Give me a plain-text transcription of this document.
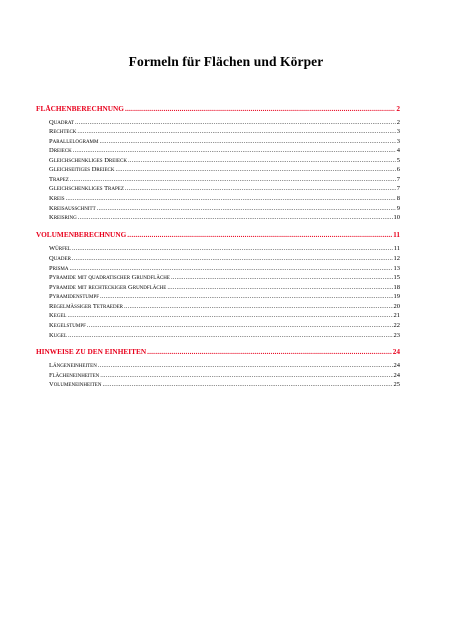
Formeln für Flächen und Körper
FLÄCHENBERECHNUNG .....	2
Quadrat .....	2
Rechteck .....	3
Parallelogramm .....	3
Dreieck .....	4
Gleichschenkliges Dreieck .....	5
Gleichseitiges Dreieck .....	6
Trapez .....	7
Gleichschenkliges Trapez .....	7
Kreis .....	8
Kreisausschnitt .....	9
Kreisring .....	10
VOLUMENBERECHNUNG .....	11
Würfel .....	11
Quader .....	12
Prisma .....	13
Pyramide mit quadratischer Grundfläche .....	15
Pyramide mit rechteckiger Grundfläche .....	18
Pyramidenstumpf .....	19
Regelmäßiger Tetraeder .....	20
Kegel .....	21
Kegelstumpf .....	22
Kugel .....	23
HINWEISE ZU DEN EINHEITEN .....	24
Längeneinheiten .....	24
Flächeneinheiten .....	24
Volumeneinheiten .....	25
